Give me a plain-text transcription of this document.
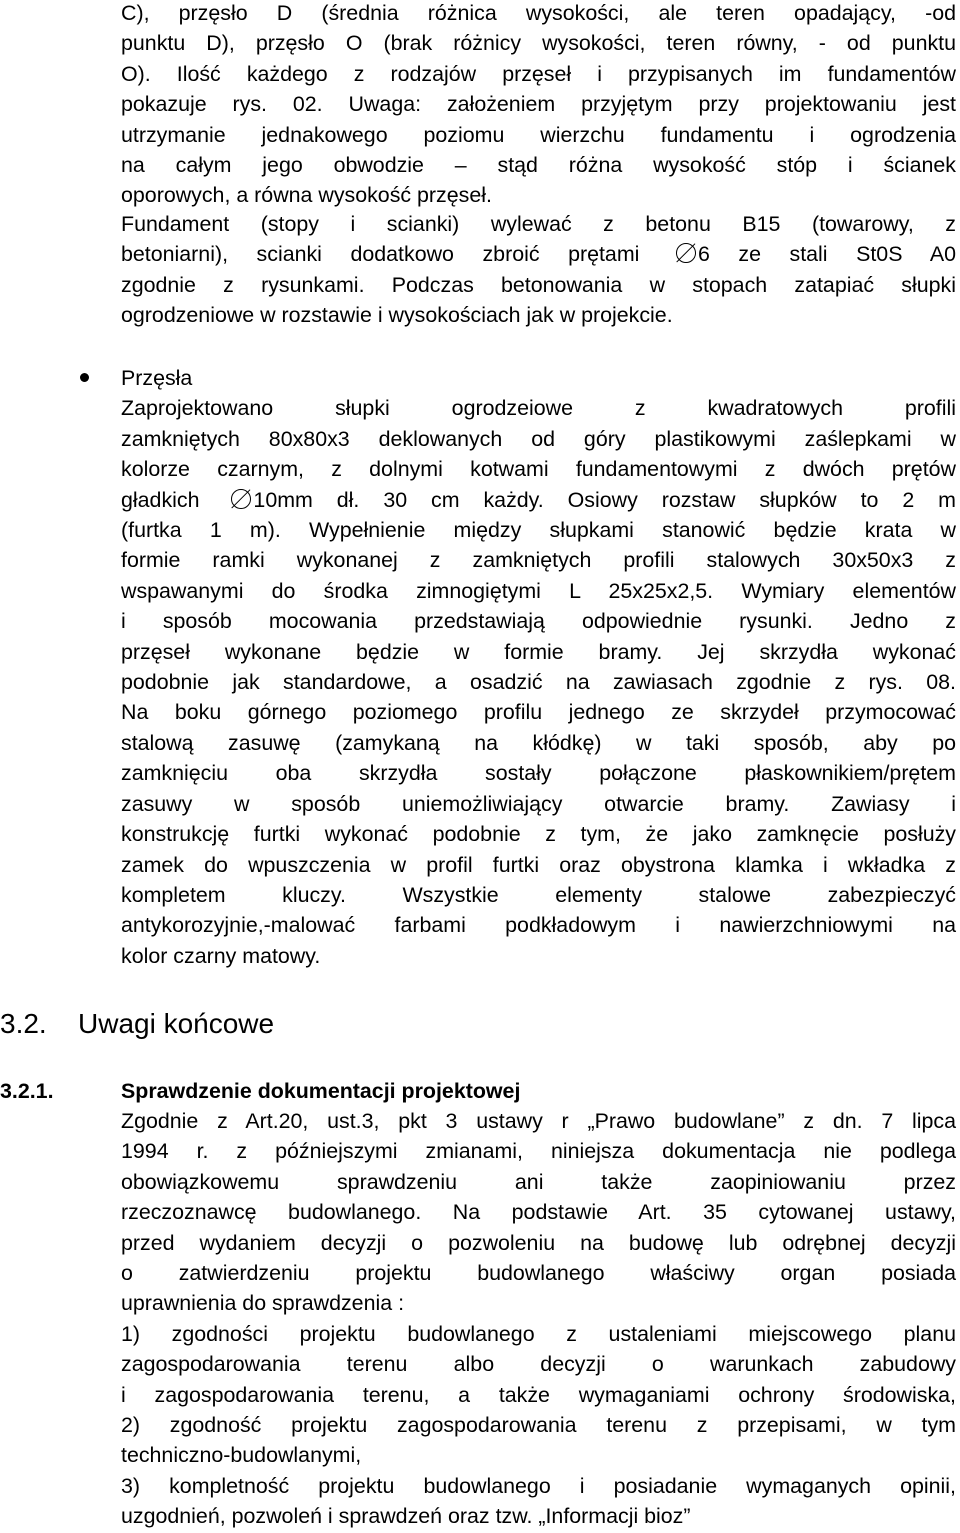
C), przęsło D (średnia różnica wysokości, ale teren opadający, -od
punktu D), przęsło O (brak różnicy wysokości, teren równy, - od punktu
O). Ilość każdego z rodzajów przęseł i przypisanych im fundamentów
pokazuje rys. 02. Uwaga: założeniem przyjętym przy projektowaniu jest
utrzymanie jednakowego poziomu wierzchu fundamentu i ogrodzenia
na całym jego obwodzie – stąd różna wysokość stóp i ścianek
oporowych, a równa wysokość przęseł.
Fundament (stopy i scianki) wylewać z betonu B15 (towarowy, z
betoniarni), scianki dodatkowo zbroić prętami	6 ze stali St0S A0
zgodnie z rysunkami. Podczas betonowania w stopach zatapiać słupki
ogrodzeniowe w rozstawie i wysokościach jak w projekcie.
Przęsła
Zaprojektowano słupki ogrodzeiowe z kwadratowych profili
zamkniętych 80x80x3 deklowanych od góry plastikowymi zaślepkami w
kolorze czarnym, z dolnymi kotwami fundamentowymi z dwóch prętów
gładkich	10mm dł. 30 cm każdy. Osiowy rozstaw słupków to 2 m
(furtka 1 m). Wypełnienie między słupkami stanowić będzie krata w
formie ramki wykonanej z zamkniętych profili stalowych 30x50x3 z
wspawanymi do środka zimnogiętymi L 25x25x2,5. Wymiary elementów
i sposób mocowania przedstawiają odpowiednie rysunki. Jedno z
przęseł wykonane będzie w formie bramy. Jej skrzydła wykonać
podobnie jak standardowe, a osadzić na zawiasach zgodnie z rys. 08.
Na boku górnego poziomego profilu jednego ze skrzydeł przymocować
stalową zasuwę (zamykaną na kłódkę) w taki sposób, aby po
zamknięciu oba skrzydła sostały połączone płaskownikiem/prętem
zasuwy w sposób uniemożliwiający otwarcie bramy. Zawiasy i
konstrukcję furtki wykonać podobnie z tym, że jako zamknęcie posłuży
zamek do wpuszczenia w profil furtki oraz obystrona klamka i wkładka z
kompletem kluczy. Wszystkie elementy stalowe zabezpieczyć
antykorozyjnie,-malować farbami podkładowym i nawierzchniowymi na
kolor czarny matowy.
3.2. Uwagi końcowe
3.2.1.	Sprawdzenie dokumentacji projektowej
Zgodnie z Art.20, ust.3, pkt 3 ustawy r „Prawo budowlane” z dn. 7 lipca
1994 r. z późniejszymi zmianami, niniejsza dokumentacja nie podlega
obowiązkowemu sprawdzeniu ani także zaopiniowaniu przez
rzeczoznawcę budowlanego. Na podstawie Art. 35 cytowanej ustawy,
przed wydaniem decyzji o pozwoleniu na budowę lub odrębnej decyzji
o zatwierdzeniu projektu budowlanego właściwy organ posiada
uprawnienia do sprawdzenia :
1) zgodności projektu budowlanego z ustaleniami miejscowego planu
zagospodarowania terenu albo decyzji o warunkach zabudowy
i zagospodarowania terenu, a także wymaganiami ochrony środowiska,
2) zgodność projektu zagospodarowania terenu z przepisami, w tym
techniczno-budowlanymi,
3) kompletność projektu budowlanego i posiadanie wymaganych opinii,
uzgodnień, pozwoleń i sprawdzeń oraz tzw. „Informacji bioz”
